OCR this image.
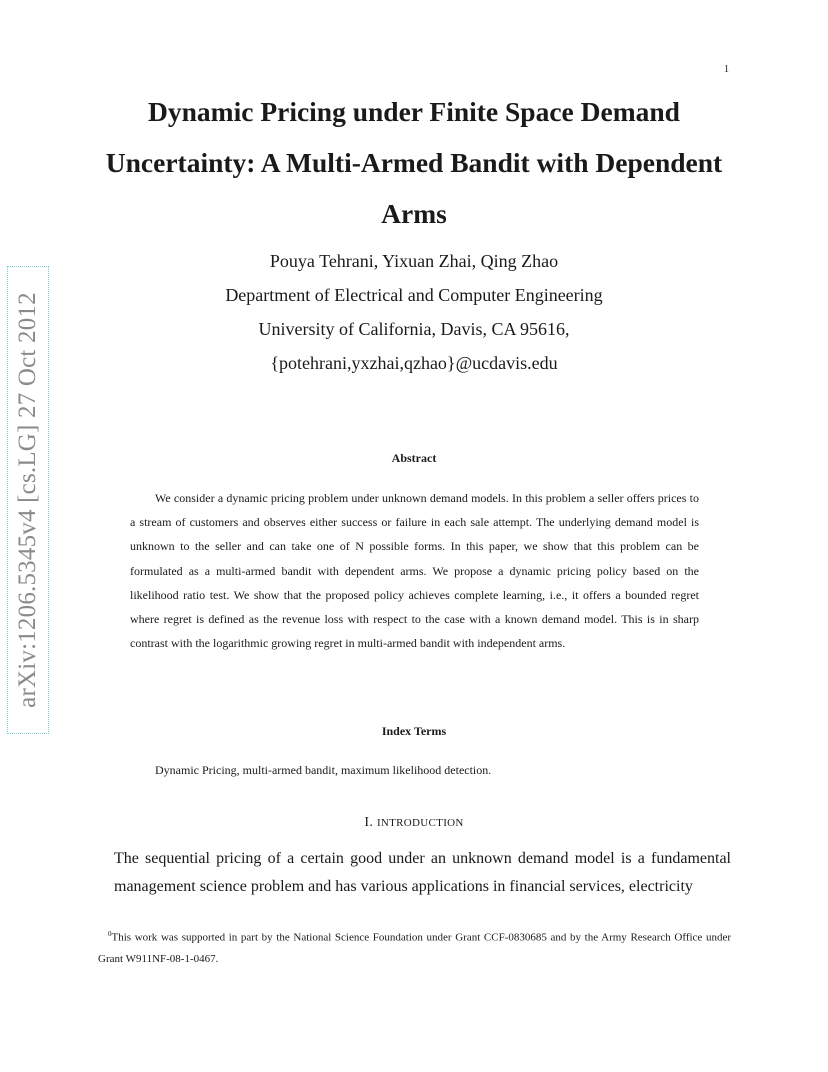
1
arXiv:1206.5345v4 [cs.LG] 27 Oct 2012
Dynamic Pricing under Finite Space Demand Uncertainty: A Multi-Armed Bandit with Dependent Arms
Pouya Tehrani, Yixuan Zhai, Qing Zhao
Department of Electrical and Computer Engineering
University of California, Davis, CA 95616,
{potehrani,yxzhai,qzhao}@ucdavis.edu
Abstract

We consider a dynamic pricing problem under unknown demand models. In this problem a seller offers prices to a stream of customers and observes either success or failure in each sale attempt. The underlying demand model is unknown to the seller and can take one of N possible forms. In this paper, we show that this problem can be formulated as a multi-armed bandit with dependent arms. We propose a dynamic pricing policy based on the likelihood ratio test. We show that the proposed policy achieves complete learning, i.e., it offers a bounded regret where regret is defined as the revenue loss with respect to the case with a known demand model. This is in sharp contrast with the logarithmic growing regret in multi-armed bandit with independent arms.

Index Terms
Dynamic Pricing, multi-armed bandit, maximum likelihood detection.
I. INTRODUCTION

The sequential pricing of a certain good under an unknown demand model is a fundamental management science problem and has various applications in financial services, electricity

$^0$This work was supported in part by the National Science Foundation under Grant CCF-0830685 and by the Army Research Office under Grant W911NF-08-1-0467.
